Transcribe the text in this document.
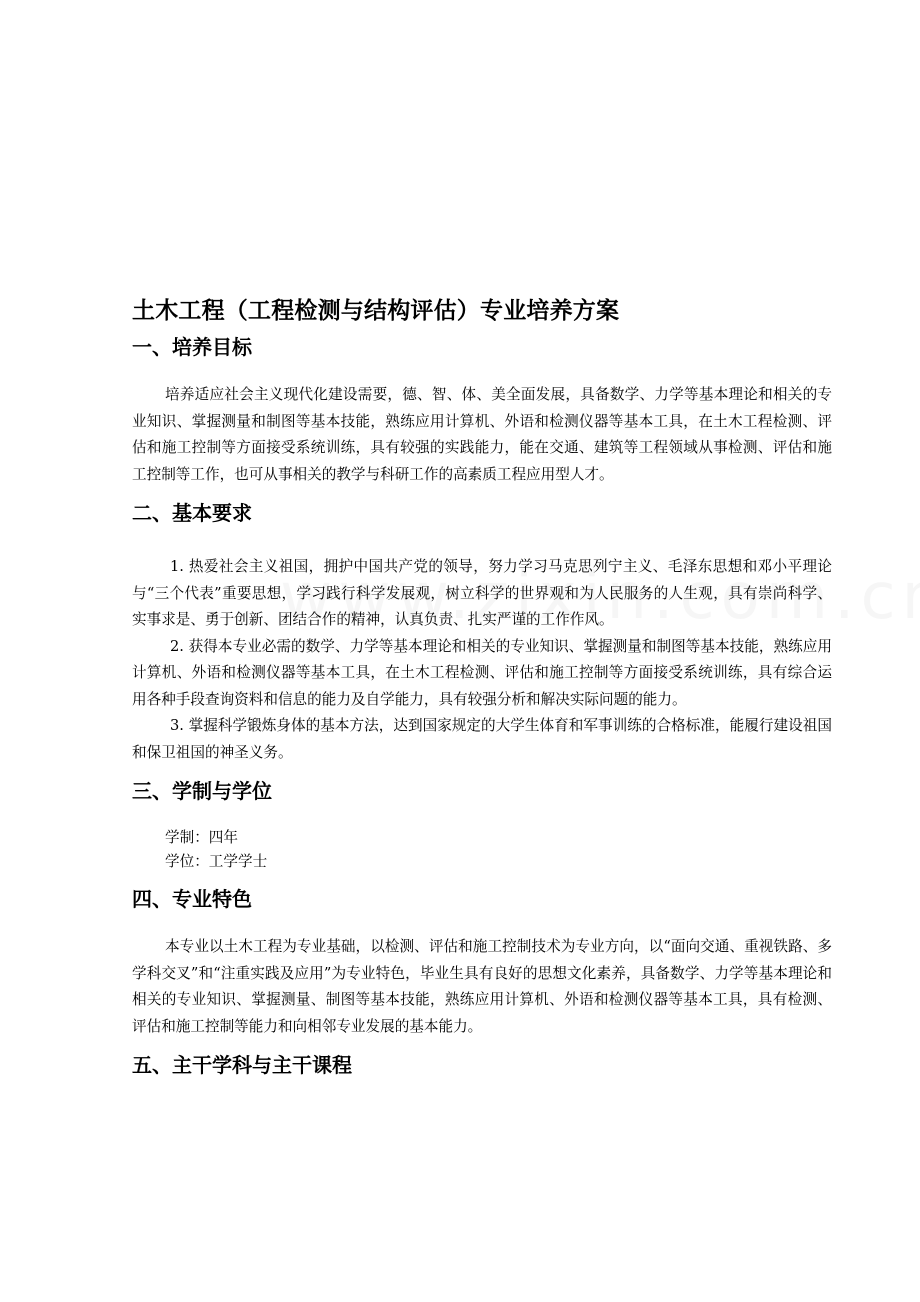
土木工程（工程检测与结构评估）专业培养方案
一、培养目标

培养适应社会主义现代化建设需要，德、智、体、美全面发展，具备数学、力学等基本理论和相关的专业知识、掌握测量和制图等基本技能，熟练应用计算机、外语和检测仪器等基本工具，在土木工程检测、评估和施工控制等方面接受系统训练，具有较强的实践能力，能在交通、建筑等工程领域从事检测、评估和施工控制等工作，也可从事相关的教学与科研工作的高素质工程应用型人才。

二、基本要求

1. 热爱社会主义祖国，拥护中国共产党的领导，努力学习马克思列宁主义、毛泽东思想和邓小平理论与“三个代表”重要思想，学习践行科学发展观，树立科学的世界观和为人民服务的人生观，具有崇尚科学、实事求是、勇于创新、团结合作的精神，认真负责、扎实严谨的工作作风。

2. 获得本专业必需的数学、力学等基本理论和相关的专业知识、掌握测量和制图等基本技能，熟练应用计算机、外语和检测仪器等基本工具，在土木工程检测、评估和施工控制等方面接受系统训练，具有综合运用各种手段查询资料和信息的能力及自学能力，具有较强分析和解决实际问题的能力。

3. 掌握科学锻炼身体的基本方法，达到国家规定的大学生体育和军事训练的合格标准，能履行建设祖国和保卫祖国的神圣义务。

三、学制与学位

学制：四年

学位：工学学士

四、专业特色

本专业以土木工程为专业基础，以检测、评估和施工控制技术为专业方向，以“面向交通、重视铁路、多学科交叉”和“注重实践及应用”为专业特色，毕业生具有良好的思想文化素养，具备数学、力学等基本理论和相关的专业知识、掌握测量、制图等基本技能，熟练应用计算机、外语和检测仪器等基本工具，具有检测、评估和施工控制等能力和向相邻专业发展的基本能力。

五、主干学科与主干课程
